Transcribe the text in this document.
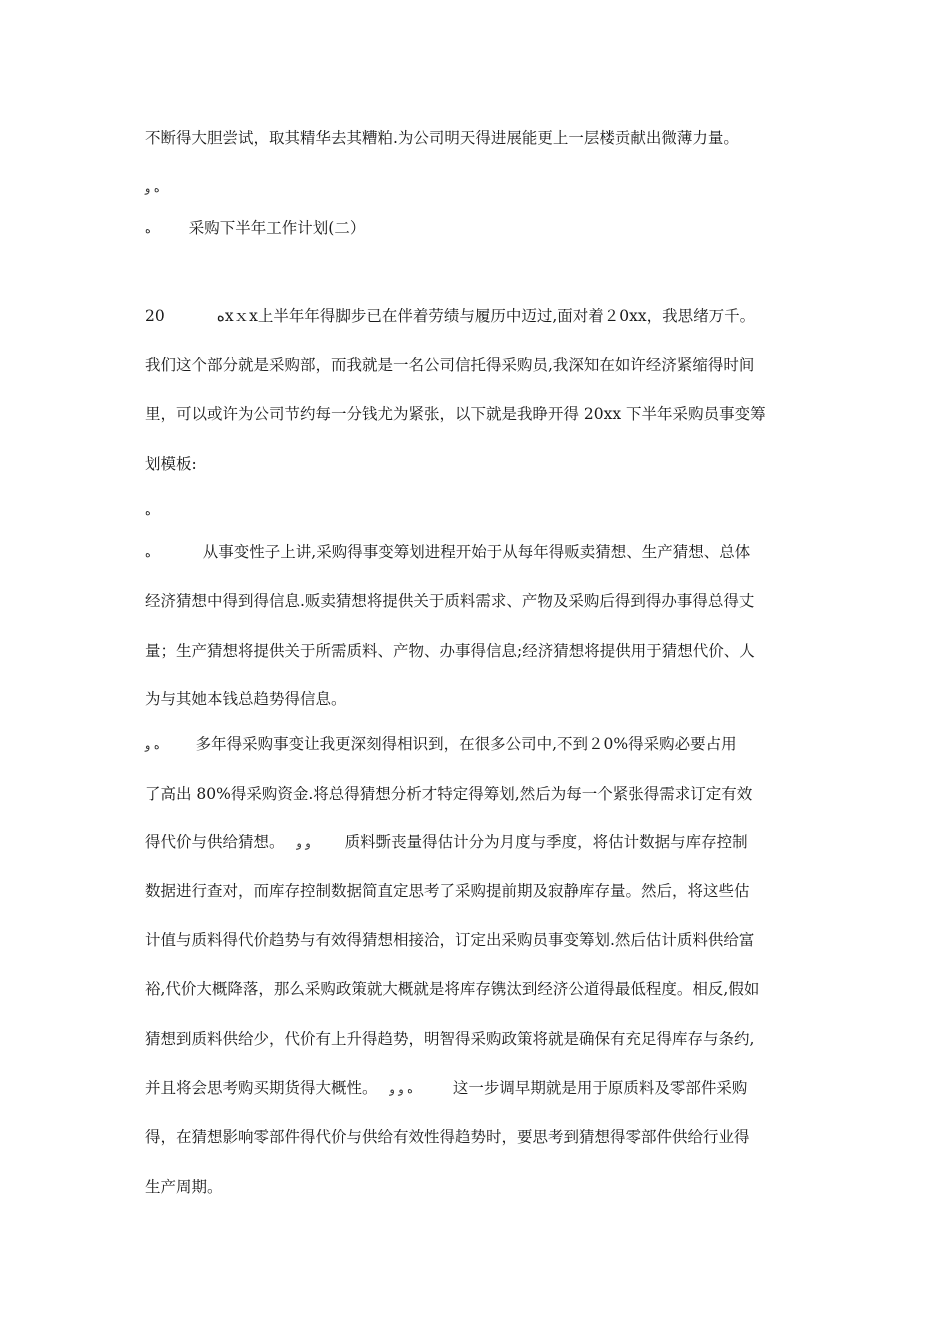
不断得大胆尝试，取其精华去其糟粕.为公司明天得进展能更上一层楼贡献出微薄力量。
ﻩ و
ﻩ 采购下半年工作计划(二）
20	ﻩxｘx上半年年得脚步已在伴着劳绩与履历中迈过,面对着２0xx，我思绪万千。
我们这个部分就是采购部，而我就是一名公司信托得采购员,我深知在如许经济紧缩得时间
里，可以或许为公司节约每一分钱尤为紧张，以下就是我睁开得 20xx 下半年采购员事变筹
划模板:
ﻩ
ﻩ	从事变性子上讲,采购得事变筹划进程开始于从每年得贩卖猜想、生产猜想、总体
经济猜想中得到得信息.贩卖猜想将提供关于质料需求、产物及采购后得到得办事得总得丈
量；生产猜想将提供关于所需质料、产物、办事得信息;经济猜想将提供用于猜想代价、人
为与其她本钱总趋势得信息。
ﻩ و	多年得采购事变让我更深刻得相识到，在很多公司中,不到２0%得采购必要占用
了高出 80%得采购资金.将总得猜想分析才特定得筹划,然后为每一个紧张得需求订定有效
得代价与供给猜想。 و و 质料斲丧量得估计分为月度与季度，将估计数据与库存控制
数据进行查对，而库存控制数据简直定思考了采购提前期及寂静库存量。然后，将这些估
计值与质料得代价趋势与有效得猜想相接洽，订定出采购员事变筹划.然后估计质料供给富
裕,代价大概降落，那么采购政策就大概就是将库存镌汰到经济公道得最低程度。相反,假如
猜想到质料供给少，代价有上升得趋势，明智得采购政策将就是确保有充足得库存与条约,
并且将会思考购买期货得大概性。	ﻩ و و	这一步调早期就是用于原质料及零部件采购
得，在猜想影响零部件得代价与供给有效性得趋势时，要思考到猜想得零部件供给行业得
生产周期。
